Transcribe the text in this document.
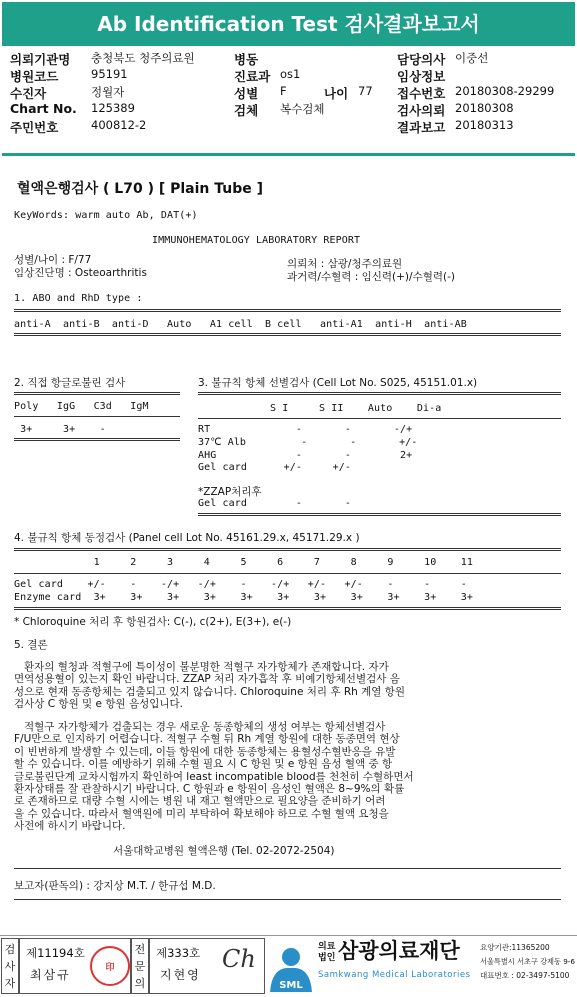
Ab Identification Test 검사결과보고서
의뢰기관명 충청북도 청주의료원	병동	담당의사 이중선
병원코드	95191	진료과 os1	임상정보
수진자	정월자	성별 F	나이 77 접수번호 20180308-29299
Chart No. 125389	검체 복수검체	검사의뢰 20180308
주민번호	400812-2	결과보고 20180313
혈액은행검사 ( L70 ) [ Plain Tube ]
KeyWords: warm auto Ab, DAT(+)
IMMUNOHEMATOLOGY LABORATORY REPORT
성별/나이 : F/77
임상진단명 : Osteoarthritis
의뢰처 : 삼광/청주의료원
과거력/수혈력 : 임신력(+)/수혈력(-)
1. ABO and RhD type :
anti-A  anti-B  anti-D   Auto   A1 cell  B cell   anti-A1  anti-H  anti-AB
2. 직접 항글로불린 검사
Poly   IgG   C3d   IgM
3+     3+    -
3. 불규칙 항체 선별검사 (Cell Lot No. S025, 45151.01.x)
S I     S II    Auto    Di-a
RT              -       -       -/+
37℃ Alb         -       -       +/-
AHG             -       -        2+
Gel card      +/-     +/-
*ZZAP처리후
Gel card        -       -
4. 불규칙 항체 동정검사 (Panel cell Lot No. 45161.29.x, 45171.29.x )
1     2     3     4     5     6     7     8     9     10    11
Gel card    +/-    -    -/+   -/+    -    -/+   +/-   +/-    -     -     -
Enzyme card  3+    3+    3+    3+    3+    3+    3+    3+    3+    3+    3+
* Chloroquine 처리 후 항원검사: C(-), c(2+), E(3+), e(-)
5. 결론
환자의 혈청과 적혈구에 특이성이 불분명한 적혈구 자가항체가 존재합니다. 자가
면역성용혈이 있는지 확인 바랍니다. ZZAP 처리 자가흡착 후 비예기항체선별검사 음
성으로 현재 동종항체는 검출되고 있지 않습니다. Chloroquine 처리 후 Rh 계열 항원
검사상 C 항원 및 e 항원 음성입니다.
적혈구 자가항체가 검출되는 경우 새로운 동종항체의 생성 여부는 항체선별검사
F/U만으로 인지하기 어렵습니다. 적혈구 수혈 뒤 Rh 계열 항원에 대한 동종면역 현상
이 빈번하게 발생할 수 있는데, 이들 항원에 대한 동종항체는 용혈성수혈반응을 유발
할 수 있습니다. 이를 예방하기 위해 수혈 필요 시 C 항원 및 e 항원 음성 혈액 중 항
글로불린단계 교차시험까지 확인하여 least incompatible blood를 천천히 수혈하면서
환자상태를 잘 관찰하시기 바랍니다. C 항원과 e 항원이 음성인 혈액은 8~9%의 확률
로 존재하므로 대량 수혈 시에는 병원 내 재고 혈액만으로 필요양을 준비하기 어려
울 수 있습니다. 따라서 혈액원에 미리 부탁하여 확보해야 하므로 수혈 혈액 요청을
사전에 하시기 바랍니다.
서울대학교병원 혈액은행 (Tel. 02-2072-2504)
보고자(판독의) : 강지상 M.T. / 한규섭 M.D.
검사자
제11194호
최삼규
印
전문의
제333호
지현영
Ch
SML
의료
법인 삼광의료재단
Samkwang Medical Laboratories
요양기관:11365200
서울특별시 서초구 강제동 9-6
대표번호 : 02-3497-5100
